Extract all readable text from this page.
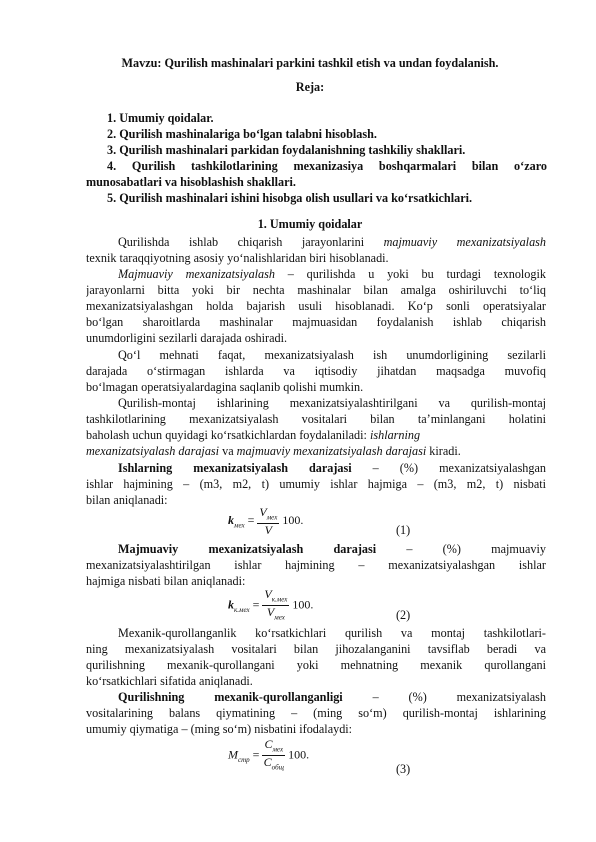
Mavzu: Qurilish mashinalari parkini tashkil etish va undan foydalanish.
Reja:
1. Umumiy qoidalar.
2. Qurilish mashinalariga bo‘lgan talabni hisoblash.
3. Qurilish mashinalari parkidan foydalanishning tashkiliy shakllari.
4. Qurilish tashkilotlarining mexanizasiya boshqarmalari bilan o‘zaro
munosabatlari va hisoblashish shakllari.
5. Qurilish mashinalari ishini hisobga olish usullari va ko‘rsatkichlari.
1. Umumiy qoidalar
Qurilishda ishlab chiqarish jarayonlarini majmuaviy mexanizatsiyalash
texnik taraqqiyotning asosiy yo‘nalishlaridan biri hisoblanadi.
Majmuaviy mexanizatsiyalash – qurilishda u yoki bu turdagi texnologik
jarayonlarni bitta yoki bir nechta mashinalar bilan amalga oshiriluvchi to‘liq
mexanizatsiyalashgan holda bajarish usuli hisoblanadi. Ko‘p sonli operatsiyalar
bo‘lgan sharoitlarda mashinalar majmuasidan foydalanish ishlab chiqarish
unumdorligini sezilarli darajada oshiradi.
Qo‘l mehnati faqat, mexanizatsiyalash ish unumdorligining sezilarli
darajada o‘stirmagan ishlarda va iqtisodiy jihatdan maqsadga muvofiq
bo‘lmagan operatsiyalardagina saqlanib qolishi mumkin.
Qurilish-montaj ishlarining mexanizatsiyalashtirilgani va qurilish-montaj
tashkilotlarining mexanizatsiyalash vositalari bilan ta’minlangani holatini
baholash uchun quyidagi ko‘rsatkichlardan foydalaniladi: ishlarning
mexanizatsiyalash darajasi va majmuaviy mexanizatsiyalash darajasi kiradi.
Ishlarning mexanizatsiyalash darajasi – (%) mexanizatsiyalashgan
ishlar hajmining – (m3, m2, t) umumiy ishlar hajmiga – (m3, m2, t) nisbati
bilan aniqlanadi:
$k_{мех} = \frac{V_{мех}}{V} 100$.
(1)
Majmuaviy mexanizatsiyalash darajasi – (%) majmuaviy
mexanizatsiyalashtirilgan ishlar hajmining – mexanizatsiyalashgan ishlar
hajmiga nisbati bilan aniqlanadi:
$k_{к.мех} = \frac{V_{к.мех}}{V_{мех}} 100$.
(2)
Mexanik-qurollanganlik ko‘rsatkichlari qurilish va montaj tashkilotlari-
ning mexanizatsiyalash vositalari bilan jihozalanganini tavsiflab beradi va
qurilishning mexanik-qurollangani yoki mehnatning mexanik qurollangani
ko‘rsatkichlari sifatida aniqlanadi.
Qurilishning mexanik-qurollanganligi – (%) mexanizatsiyalash
vositalarining balans qiymatining – (ming so‘m) qurilish-montaj ishlarining
umumiy qiymatiga – (ming so‘m) nisbatini ifodalaydi:
$M_{стр} = \frac{C_{мех}}{C_{общ}} 100$.
(3)
